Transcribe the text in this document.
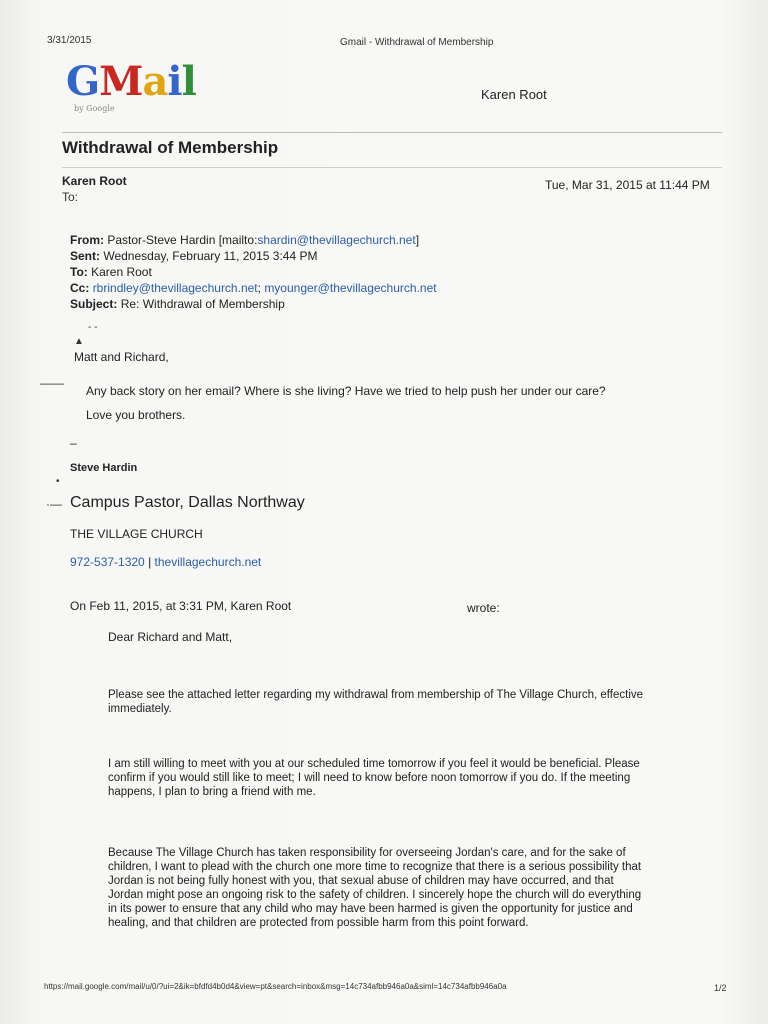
3/31/2015	Gmail - Withdrawal of Membership
GMail
by Google
Karen Root
Withdrawal of Membership
Karen Root
To:
Tue, Mar 31, 2015 at 11:44 PM
From: Pastor-Steve Hardin [mailto:shardin@thevillagechurch.net]
Sent: Wednesday, February 11, 2015 3:44 PM
To: Karen Root
Cc: rbrindley@thevillagechurch.net; myounger@thevillagechurch.net
Subject: Re: Withdrawal of Membership
- -
▲
——
Matt and Richard,
Any back story on her email? Where is she living? Have we tried to help push her under our care?
Love you brothers.
–
•
·—
Steve Hardin
Campus Pastor, Dallas Northway
THE VILLAGE CHURCH
972-537-1320 | thevillagechurch.net
On Feb 11, 2015, at 3:31 PM, Karen Root	wrote:
Dear Richard and Matt,
Please see the attached letter regarding my withdrawal from membership of The Village Church, effective immediately.
I am still willing to meet with you at our scheduled time tomorrow if you feel it would be beneficial. Please confirm if you would still like to meet; I will need to know before noon tomorrow if you do. If the meeting happens, I plan to bring a friend with me.
Because The Village Church has taken responsibility for overseeing Jordan's care, and for the sake of children, I want to plead with the church one more time to recognize that there is a serious possibility that Jordan is not being fully honest with you, that sexual abuse of children may have occurred, and that Jordan might pose an ongoing risk to the safety of children. I sincerely hope the church will do everything in its power to ensure that any child who may have been harmed is given the opportunity for justice and healing, and that children are protected from possible harm from this point forward.
https://mail.google.com/mail/u/0/?ui=2&ik=bfdfd4b0d4&view=pt&search=inbox&msg=14c734afbb946a0a&siml=14c734afbb946a0a	1/2
